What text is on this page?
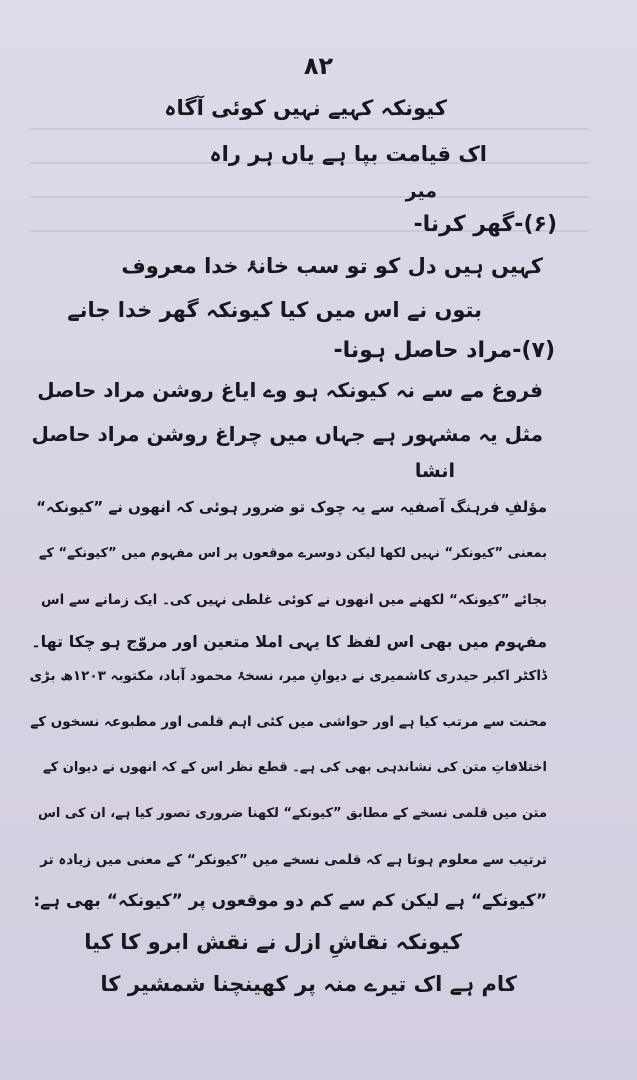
۸۲
کیونکہ کہیے نہیں کوئی آگاہ
اک قیامت بپا ہے یاں ہر راہ
میر
(۶)-گھر کرنا-
کہیں ہیں دل کو تو سب خانۂ خدا معروف
بتوں نے اس میں کیا کیونکہ گھر خدا جانے
(۷)-مراد حاصل ہونا-
فروغ مے سے نہ کیونکہ ہو وے ایاغ روشن مراد حاصل
مثل یہ مشہور ہے جہاں میں چراغ روشن مراد حاصل
انشا
مؤلفِ فرہنگ آصفیہ سے یہ چوک تو ضرور ہوئی کہ انھوں نے ”کیونکہ“
بمعنی ”کیونکر“ نہیں لکھا لیکن دوسرے موقعوں پر اس مفہوم میں ”کیونکے“ کے
بجائے ”کیونکہ“ لکھنے میں انھوں نے کوئی غلطی نہیں کی۔ ایک زمانے سے اس
مفہوم میں بھی اس لفظ کا یہی املا متعین اور مروّج ہو چکا تھا۔
ڈاکٹر اکبر حیدری کاشمیری نے دیوانِ میر، نسخۂ محمود آباد، مکتوبہ ۱۲۰۳ھ بڑی
محنت سے مرتب کیا ہے اور حواشی میں کئی اہم قلمی اور مطبوعہ نسخوں کے
اختلافاتِ متن کی نشاندہی بھی کی ہے۔ قطع نظر اس کے کہ انھوں نے دیوان کے
متن میں قلمی نسخے کے مطابق ”کیونکے“ لکھنا ضروری تصور کیا ہے، ان کی اس
ترتیب سے معلوم ہوتا ہے کہ قلمی نسخے میں ”کیونکر“ کے معنی میں زیادہ تر
”کیونکے“ ہے لیکن کم سے کم دو موقعوں پر ”کیونکہ“ بھی ہے:
کیونکہ نقاشِ ازل نے نقش ابرو کا کیا
کام ہے اک تیرے منہ پر کھینچنا شمشیر کا
